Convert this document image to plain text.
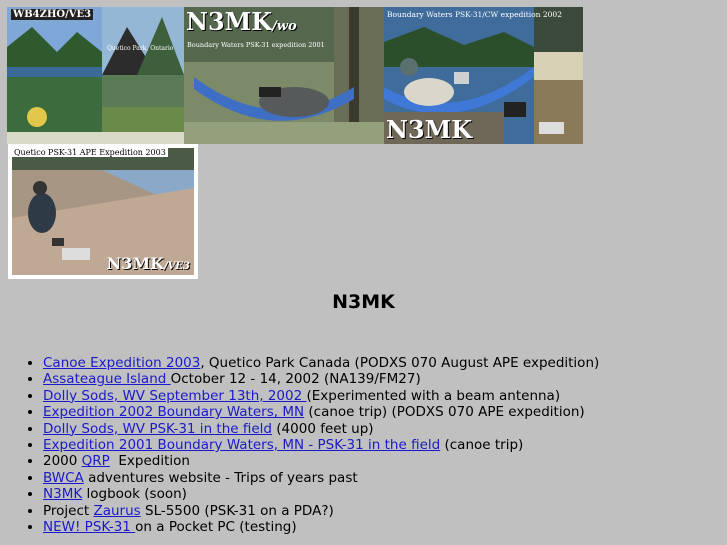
WB4ZHO/VE3
Quetico Park, Ontario
N3MK/wo
Boundary Waters PSK-31 expedition 2001
Boundary Waters PSK-31/CW expedition 2002
N3MK
Quetico PSK-31 APE Expedition 2003
N3MK/VE3
N3MK
• Canoe Expedition 2003, Quetico Park Canada (PODXS 070 August APE expedition)
• Assateague Island October 12 - 14, 2002 (NA139/FM27)
• Dolly Sods, WV September 13th, 2002 (Experimented with a beam antenna)
• Expedition 2002 Boundary Waters, MN (canoe trip) (PODXS 070 APE expedition)
• Dolly Sods, WV PSK-31 in the field (4000 feet up)
• Expedition 2001 Boundary Waters, MN - PSK-31 in the field (canoe trip)
• 2000 QRP  Expedition
• BWCA adventures website - Trips of years past
• N3MK logbook (soon)
• Project Zaurus SL-5500 (PSK-31 on a PDA?)
• NEW! PSK-31 on a Pocket PC (testing)
